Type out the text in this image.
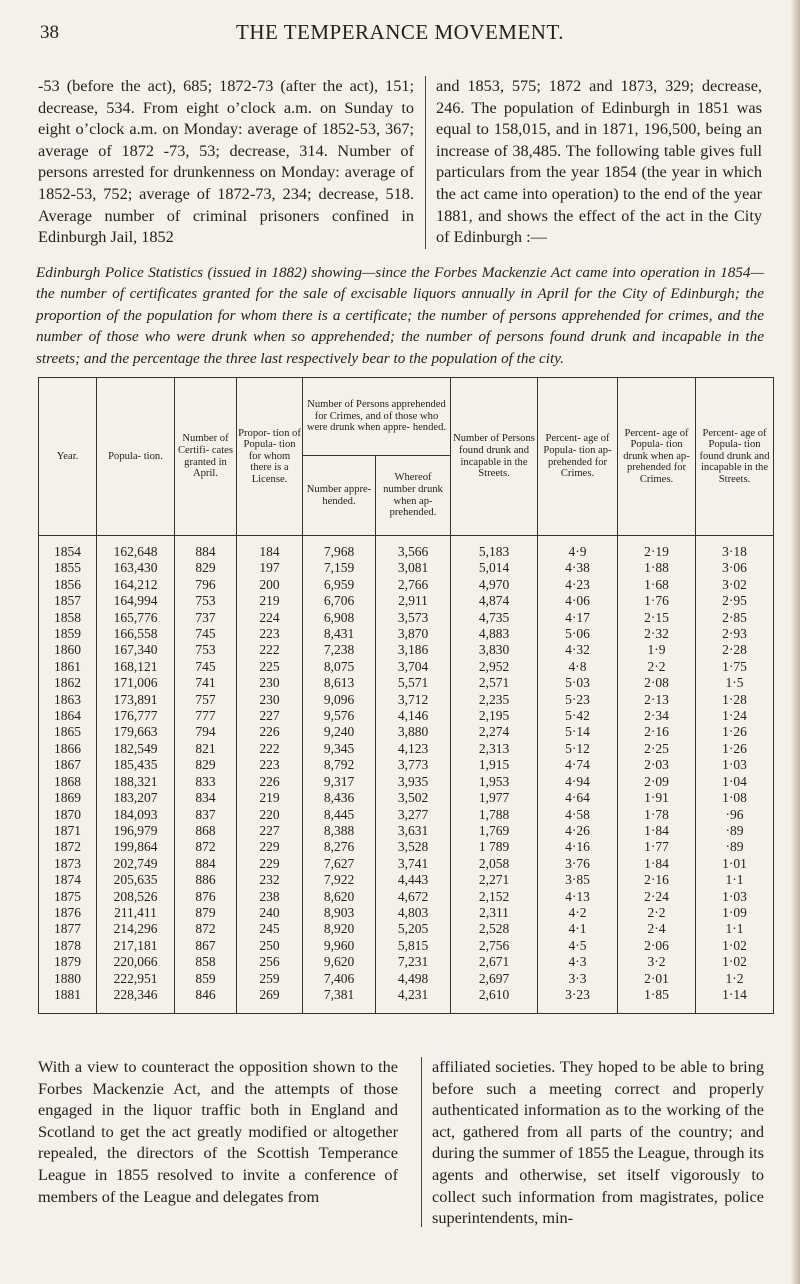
38	THE TEMPERANCE MOVEMENT.

-53 (before the act), 685; 1872-73 (after the act), 151; decrease, 534. From eight o’clock a.m. on Sunday to eight o’clock a.m. on Monday: average of 1852-53, 367; average of 1872 -73, 53; decrease, 314. Number of persons arrested for drunkenness on Monday: average of 1852-53, 752; average of 1872-73, 234; decrease, 518. Average number of criminal prisoners confined in Edinburgh Jail, 1852

and 1853, 575; 1872 and 1873, 329; decrease, 246. The population of Edinburgh in 1851 was equal to 158,015, and in 1871, 196,500, being an increase of 38,485. The following table gives full particulars from the year 1854 (the year in which the act came into operation) to the end of the year 1881, and shows the effect of the act in the City of Edinburgh :—

Edinburgh Police Statistics (issued in 1882) showing—since the Forbes Mackenzie Act came into operation in 1854—the number of certificates granted for the sale of excisable liquors annually in April for the City of Edinburgh; the proportion of the population for whom there is a certificate; the number of persons apprehended for crimes, and the number of those who were drunk when so apprehended; the number of persons found drunk and incapable in the streets; and the percentage the three last respectively bear to the population of the city.
Year.	Popula- tion.	Number of Certifi- cates granted in April.	Propor- tion of Popula- tion for whom there is a License.	Number of Persons apprehended for Crimes, and of those who were drunk when appre- hended.		Number of Persons found drunk and incapable in the Streets.	Percent- age of Popula- tion ap- prehended for Crimes.	Percent- age of Popula- tion drunk when ap- prehended for Crimes.	Percent- age of Popula- tion found drunk and incapable in the Streets.
				Number appre- hended.	Whereof number drunk when ap- prehended.				
1854	162,648	884	184	7,968	3,566	5,183	4·9	2·19	3·18
1855	163,430	829	197	7,159	3,081	5,014	4·38	1·88	3·06
1856	164,212	796	200	6,959	2,766	4,970	4·23	1·68	3·02
1857	164,994	753	219	6,706	2,911	4,874	4·06	1·76	2·95
1858	165,776	737	224	6,908	3,573	4,735	4·17	2·15	2·85
1859	166,558	745	223	8,431	3,870	4,883	5·06	2·32	2·93
1860	167,340	753	222	7,238	3,186	3,830	4·32	1·9	2·28
1861	168,121	745	225	8,075	3,704	2,952	4·8	2·2	1·75
1862	171,006	741	230	8,613	5,571	2,571	5·03	2·08	1·5
1863	173,891	757	230	9,096	3,712	2,235	5·23	2·13	1·28
1864	176,777	777	227	9,576	4,146	2,195	5·42	2·34	1·24
1865	179,663	794	226	9,240	3,880	2,274	5·14	2·16	1·26
1866	182,549	821	222	9,345	4,123	2,313	5·12	2·25	1·26
1867	185,435	829	223	8,792	3,773	1,915	4·74	2·03	1·03
1868	188,321	833	226	9,317	3,935	1,953	4·94	2·09	1·04
1869	183,207	834	219	8,436	3,502	1,977	4·64	1·91	1·08
1870	184,093	837	220	8,445	3,277	1,788	4·58	1·78	·96
1871	196,979	868	227	8,388	3,631	1,769	4·26	1·84	·89
1872	199,864	872	229	8,276	3,528	1 789	4·16	1·77	·89
1873	202,749	884	229	7,627	3,741	2,058	3·76	1·84	1·01
1874	205,635	886	232	7,922	4,443	2,271	3·85	2·16	1·1
1875	208,526	876	238	8,620	4,672	2,152	4·13	2·24	1·03
1876	211,411	879	240	8,903	4,803	2,311	4·2	2·2	1·09
1877	214,296	872	245	8,920	5,205	2,528	4·1	2·4	1·1
1878	217,181	867	250	9,960	5,815	2,756	4·5	2·06	1·02
1879	220,066	858	256	9,620	7,231	2,671	4·3	3·2	1·02
1880	222,951	859	259	7,406	4,498	2,697	3·3	2·01	1·2
1881	228,346	846	269	7,381	4,231	2,610	3·23	1·85	1·14

With a view to counteract the opposition shown to the Forbes Mackenzie Act, and the attempts of those engaged in the liquor traffic both in England and Scotland to get the act greatly modified or altogether repealed, the directors of the Scottish Temperance League in 1855 resolved to invite a conference of members of the League and delegates from

affiliated societies. They hoped to be able to bring before such a meeting correct and properly authenticated information as to the working of the act, gathered from all parts of the country; and during the summer of 1855 the League, through its agents and otherwise, set itself vigorously to collect such information from magistrates, police superintendents, min-
